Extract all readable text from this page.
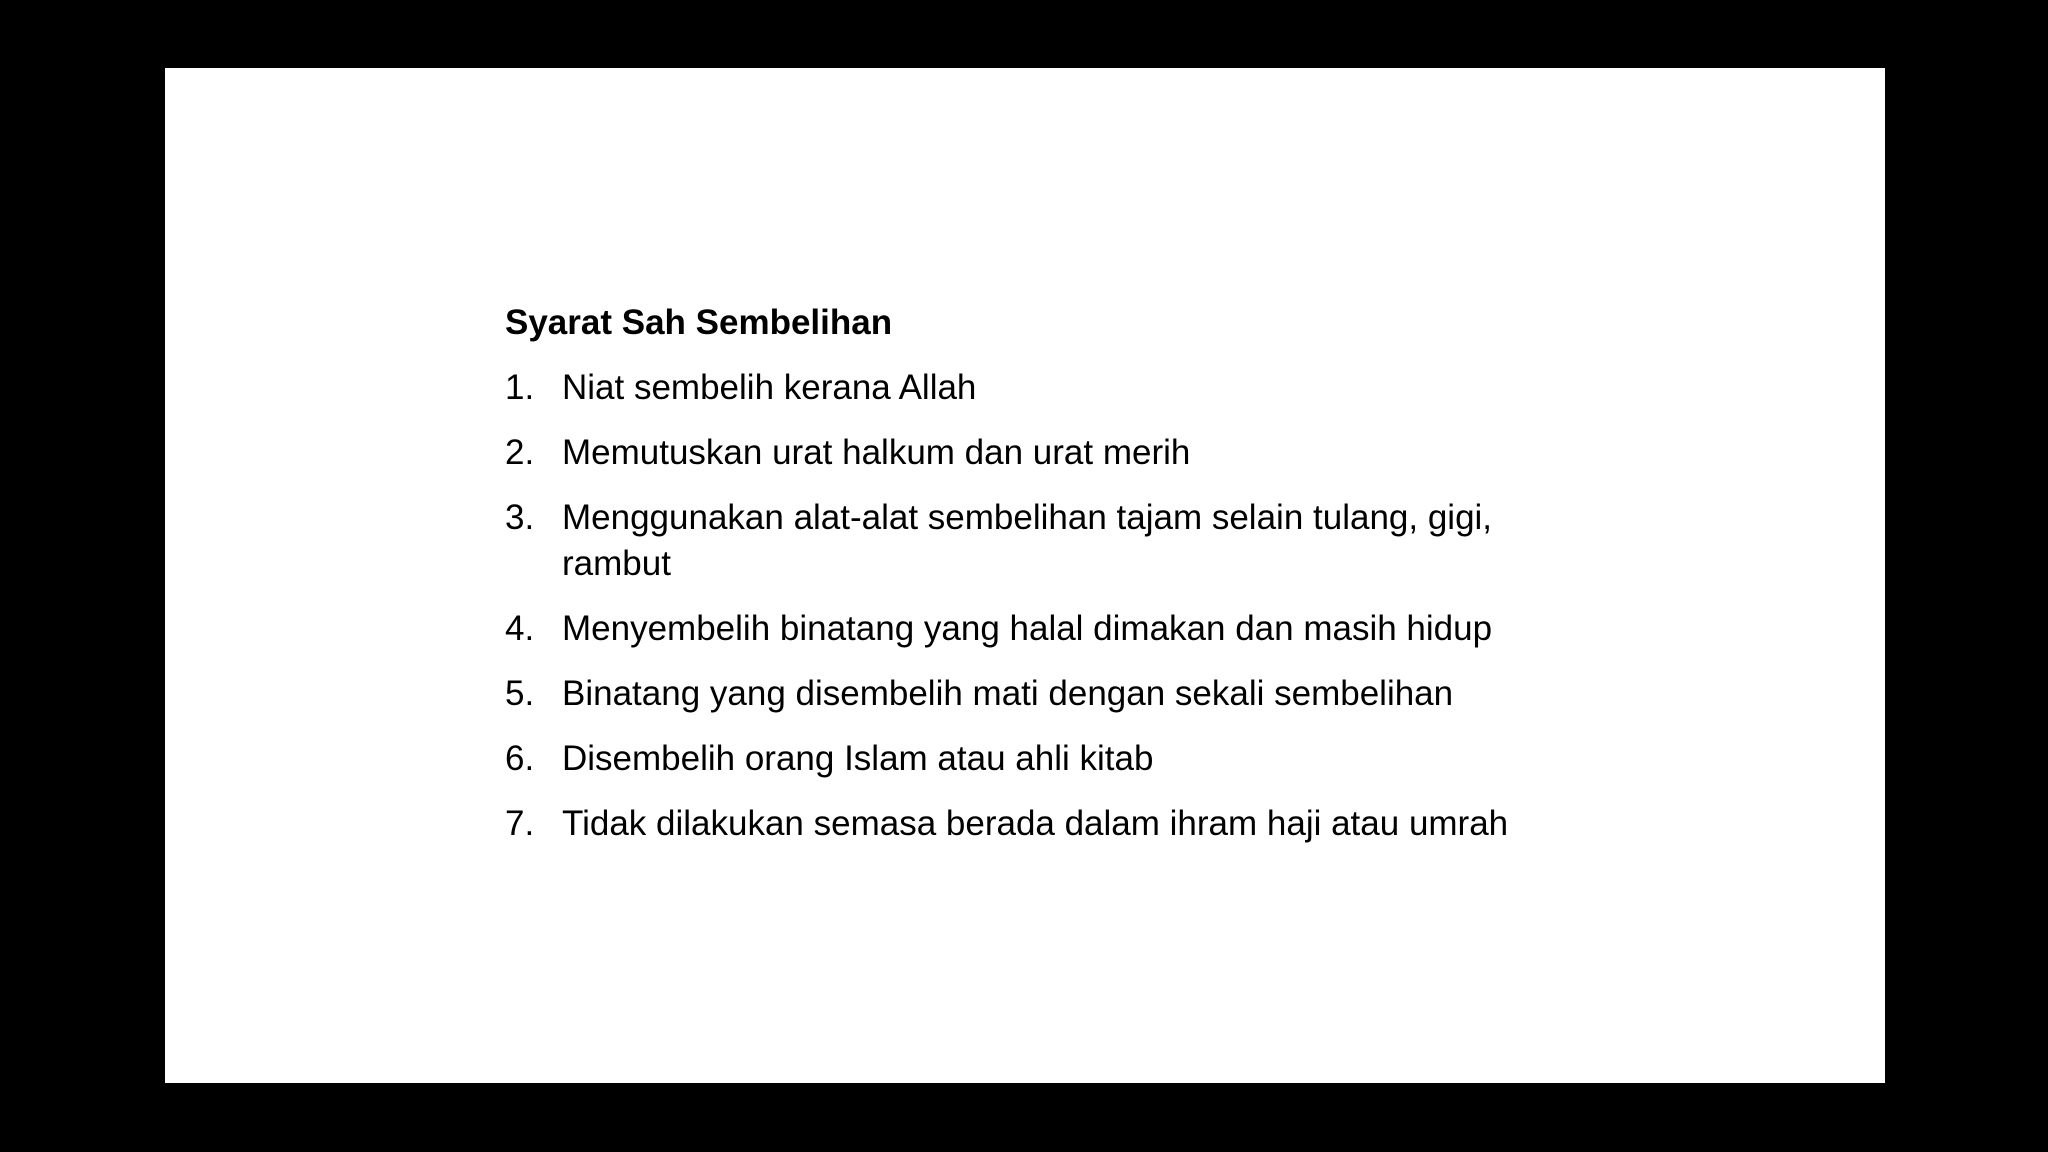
Syarat Sah Sembelihan
1. Niat sembelih kerana Allah
2. Memutuskan urat halkum dan urat merih
3. Menggunakan alat-alat sembelihan tajam selain tulang, gigi, rambut
4. Menyembelih binatang yang halal dimakan dan masih hidup
5. Binatang yang disembelih mati dengan sekali sembelihan
6. Disembelih orang Islam atau ahli kitab
7. Tidak dilakukan semasa berada dalam ihram haji atau umrah
